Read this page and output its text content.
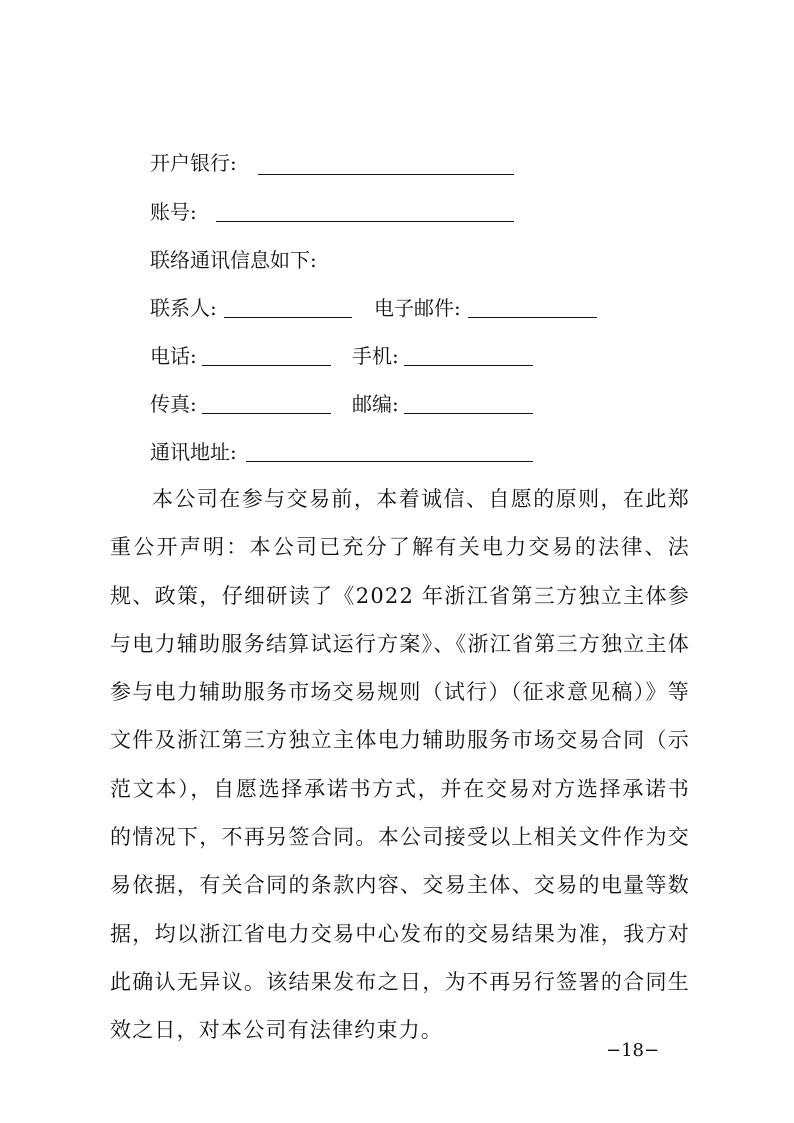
开户银行:
账号:
联络通讯信息如下:
联系人:	电子邮件:
电话:	手机:
传真:	邮编:
通讯地址:
本公司在参与交易前，本着诚信、自愿的原则，在此郑重公开声明：本公司已充分了解有关电力交易的法律、法规、政策，仔细研读了《2022 年浙江省第三方独立主体参与电力辅助服务结算试运行方案》、《浙江省第三方独立主体参与电力辅助服务市场交易规则（试行）（征求意见稿）》等文件及浙江第三方独立主体电力辅助服务市场交易合同（示范文本），自愿选择承诺书方式，并在交易对方选择承诺书的情况下，不再另签合同。本公司接受以上相关文件作为交易依据，有关合同的条款内容、交易主体、交易的电量等数据，均以浙江省电力交易中心发布的交易结果为准，我方对此确认无异议。该结果发布之日，为不再另行签署的合同生效之日，对本公司有法律约束力。
−18−
